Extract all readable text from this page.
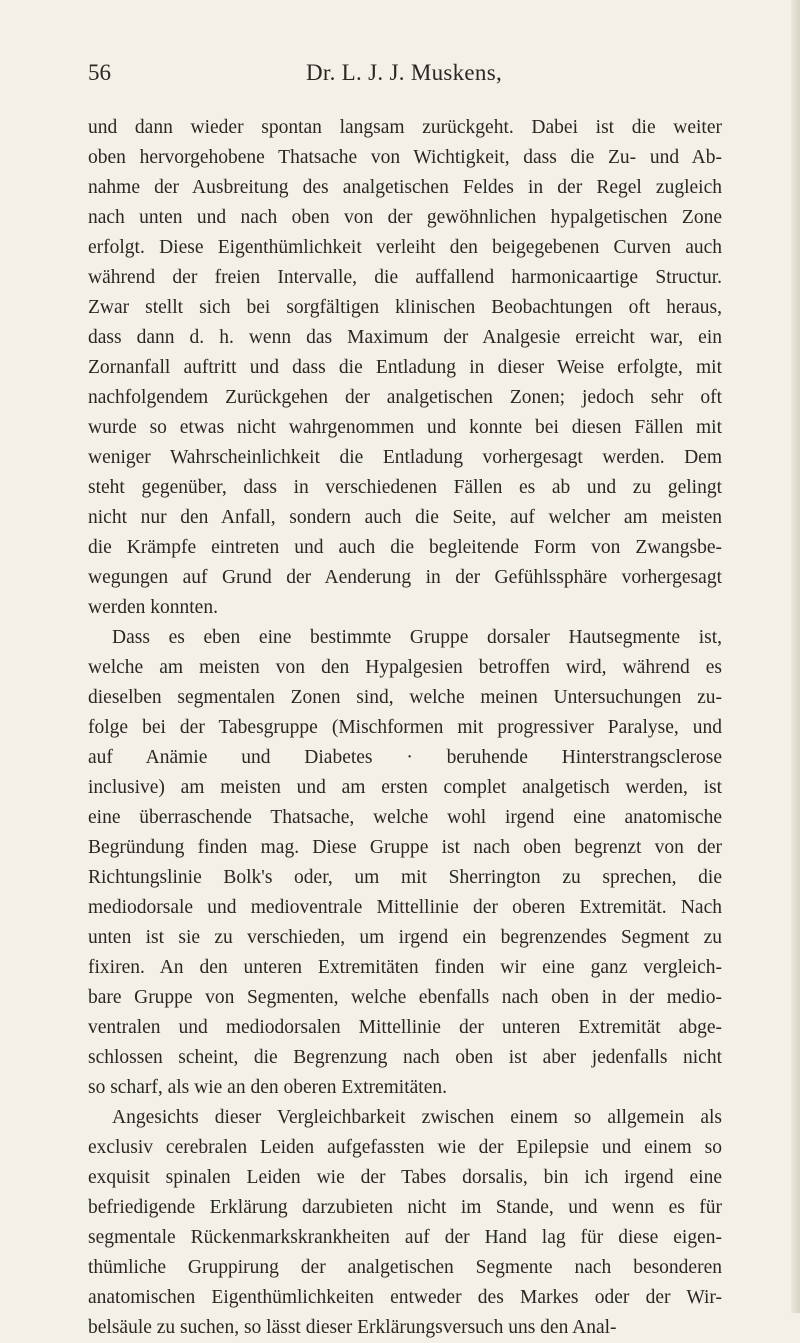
56	Dr. L. J. J. Muskens,
und dann wieder spontan langsam zurückgeht. Dabei ist die weiter
oben hervorgehobene Thatsache von Wichtigkeit, dass die Zu- und Ab-
nahme der Ausbreitung des analgetischen Feldes in der Regel zugleich
nach unten und nach oben von der gewöhnlichen hypalgetischen Zone
erfolgt. Diese Eigenthümlichkeit verleiht den beigegebenen Curven auch
während der freien Intervalle, die auffallend harmonicaartige Structur.
Zwar stellt sich bei sorgfältigen klinischen Beobachtungen oft heraus,
dass dann d. h. wenn das Maximum der Analgesie erreicht war, ein
Zornanfall auftritt und dass die Entladung in dieser Weise erfolgte, mit
nachfolgendem Zurückgehen der analgetischen Zonen; jedoch sehr oft
wurde so etwas nicht wahrgenommen und konnte bei diesen Fällen mit
weniger Wahrscheinlichkeit die Entladung vorhergesagt werden. Dem
steht gegenüber, dass in verschiedenen Fällen es ab und zu gelingt
nicht nur den Anfall, sondern auch die Seite, auf welcher am meisten
die Krämpfe eintreten und auch die begleitende Form von Zwangsbe-
wegungen auf Grund der Aenderung in der Gefühlssphäre vorhergesagt
werden konnten.
Dass es eben eine bestimmte Gruppe dorsaler Hautsegmente ist,
welche am meisten von den Hypalgesien betroffen wird, während es
dieselben segmentalen Zonen sind, welche meinen Untersuchungen zu-
folge bei der Tabesgruppe (Mischformen mit progressiver Paralyse, und
auf Anämie und Diabetes · beruhende Hinterstrangsclerose
inclusive) am meisten und am ersten complet analgetisch werden, ist
eine überraschende Thatsache, welche wohl irgend eine anatomische
Begründung finden mag. Diese Gruppe ist nach oben begrenzt von der
Richtungslinie Bolk's oder, um mit Sherrington zu sprechen, die
mediodorsale und medioventrale Mittellinie der oberen Extremität. Nach
unten ist sie zu verschieden, um irgend ein begrenzendes Segment zu
fixiren. An den unteren Extremitäten finden wir eine ganz vergleich-
bare Gruppe von Segmenten, welche ebenfalls nach oben in der medio-
ventralen und mediodorsalen Mittellinie der unteren Extremität abge-
schlossen scheint, die Begrenzung nach oben ist aber jedenfalls nicht
so scharf, als wie an den oberen Extremitäten.
Angesichts dieser Vergleichbarkeit zwischen einem so allgemein als
exclusiv cerebralen Leiden aufgefassten wie der Epilepsie und einem so
exquisit spinalen Leiden wie der Tabes dorsalis, bin ich irgend eine
befriedigende Erklärung darzubieten nicht im Stande, und wenn es für
segmentale Rückenmarkskrankheiten auf der Hand lag für diese eigen-
thümliche Gruppirung der analgetischen Segmente nach besonderen
anatomischen Eigenthümlichkeiten entweder des Markes oder der Wir-
belsäule zu suchen, so lässt dieser Erklärungsversuch uns den Anal-
